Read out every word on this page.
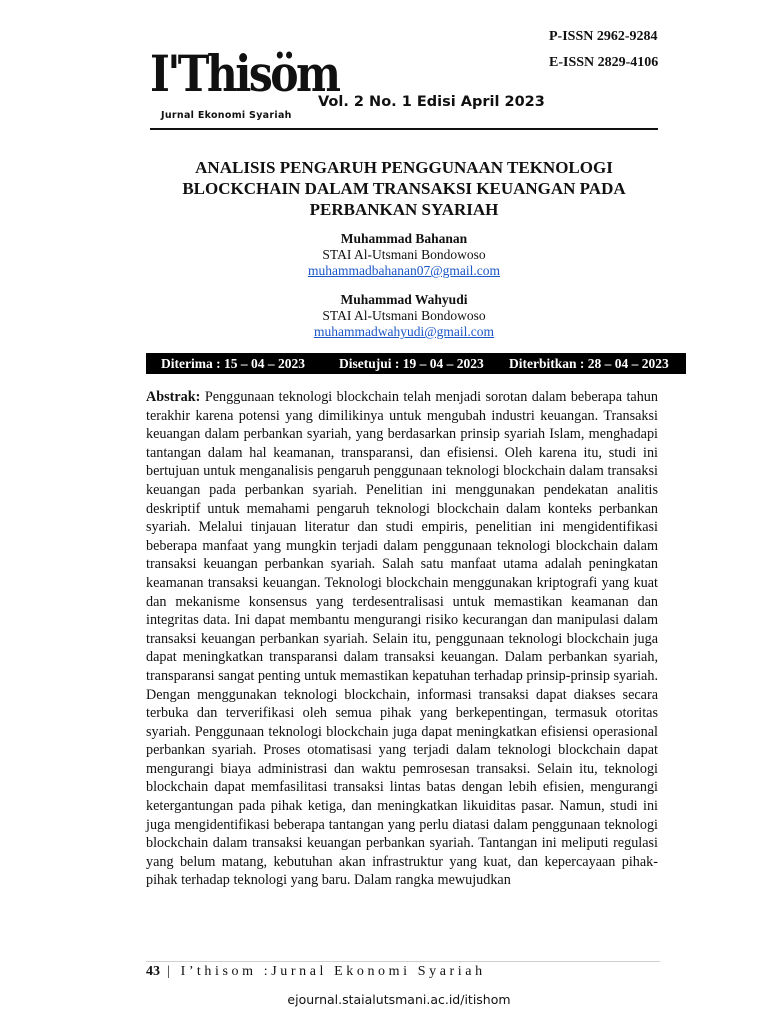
P-ISSN 2962-9284
E-ISSN 2829-4106
I'Thisöm
Jurnal Ekonomi Syariah
Vol. 2 No. 1 Edisi April 2023
ANALISIS PENGARUH PENGGUNAAN TEKNOLOGI BLOCKCHAIN DALAM TRANSAKSI KEUANGAN PADA PERBANKAN SYARIAH
Muhammad Bahanan
STAI Al-Utsmani Bondowoso
muhammadbahanan07@gmail.com
Muhammad Wahyudi
STAI Al-Utsmani Bondowoso
muhammadwahyudi@gmail.com
Diterima : 15 – 04 – 2023	Disetujui : 19 – 04 – 2023 Diterbitkan : 28 – 04 – 2023
Abstrak: Penggunaan teknologi blockchain telah menjadi sorotan dalam beberapa tahun terakhir karena potensi yang dimilikinya untuk mengubah industri keuangan. Transaksi keuangan dalam perbankan syariah, yang berdasarkan prinsip syariah Islam, menghadapi tantangan dalam hal keamanan, transparansi, dan efisiensi. Oleh karena itu, studi ini bertujuan untuk menganalisis pengaruh penggunaan teknologi blockchain dalam transaksi keuangan pada perbankan syariah. Penelitian ini menggunakan pendekatan analitis deskriptif untuk memahami pengaruh teknologi blockchain dalam konteks perbankan syariah. Melalui tinjauan literatur dan studi empiris, penelitian ini mengidentifikasi beberapa manfaat yang mungkin terjadi dalam penggunaan teknologi blockchain dalam transaksi keuangan perbankan syariah. Salah satu manfaat utama adalah peningkatan keamanan transaksi keuangan. Teknologi blockchain menggunakan kriptografi yang kuat dan mekanisme konsensus yang terdesentralisasi untuk memastikan keamanan dan integritas data. Ini dapat membantu mengurangi risiko kecurangan dan manipulasi dalam transaksi keuangan perbankan syariah. Selain itu, penggunaan teknologi blockchain juga dapat meningkatkan transparansi dalam transaksi keuangan. Dalam perbankan syariah, transparansi sangat penting untuk memastikan kepatuhan terhadap prinsip-prinsip syariah. Dengan menggunakan teknologi blockchain, informasi transaksi dapat diakses secara terbuka dan terverifikasi oleh semua pihak yang berkepentingan, termasuk otoritas syariah. Penggunaan teknologi blockchain juga dapat meningkatkan efisiensi operasional perbankan syariah. Proses otomatisasi yang terjadi dalam teknologi blockchain dapat mengurangi biaya administrasi dan waktu pemrosesan transaksi. Selain itu, teknologi blockchain dapat memfasilitasi transaksi lintas batas dengan lebih efisien, mengurangi ketergantungan pada pihak ketiga, dan meningkatkan likuiditas pasar. Namun, studi ini juga mengidentifikasi beberapa tantangan yang perlu diatasi dalam penggunaan teknologi blockchain dalam transaksi keuangan perbankan syariah. Tantangan ini meliputi regulasi yang belum matang, kebutuhan akan infrastruktur yang kuat, dan kepercayaan pihak-pihak terhadap teknologi yang baru. Dalam rangka mewujudkan
43 | I’thisom :Jurnal Ekonomi Syariah
ejournal.staialutsmani.ac.id/itishom
